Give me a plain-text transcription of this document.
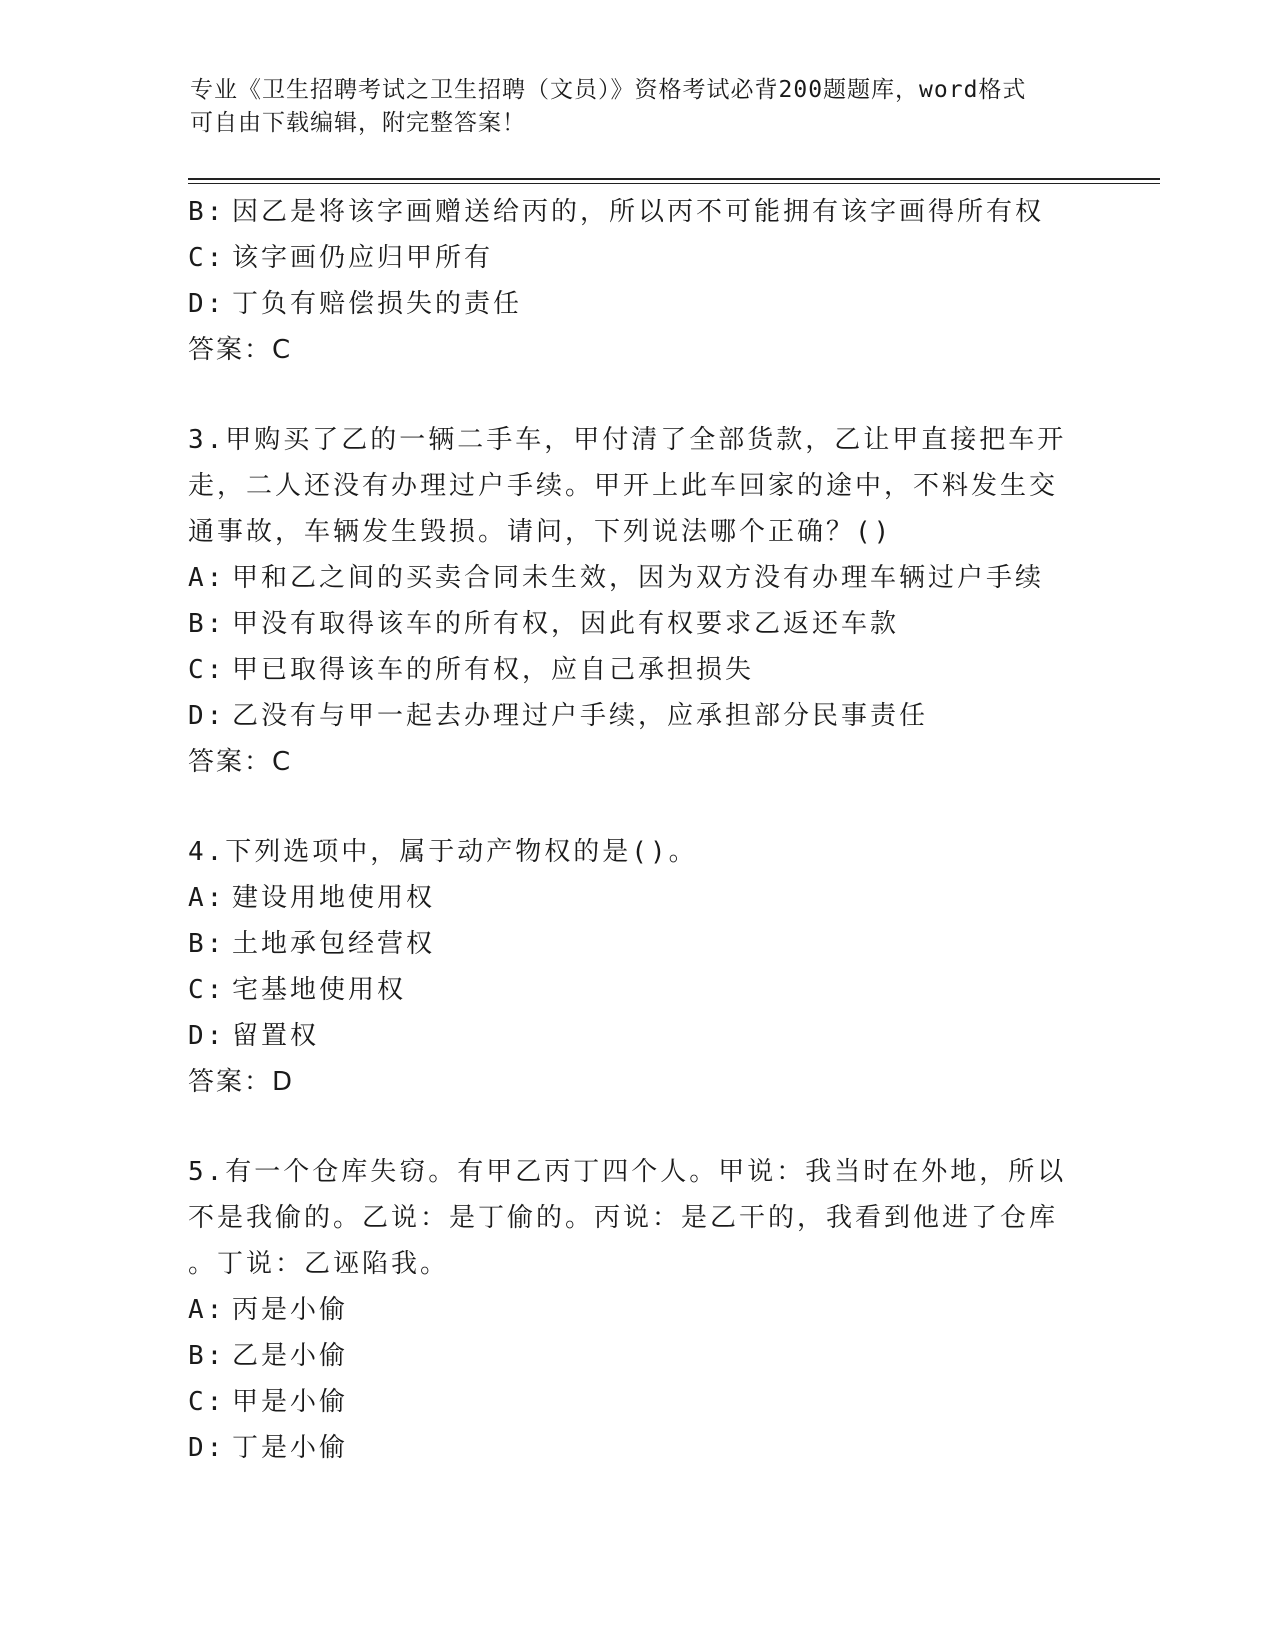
专业《卫生招聘考试之卫生招聘（文员）》资格考试必背200题题库，word格式
可自由下载编辑，附完整答案！
B: 因乙是将该字画赠送给丙的，所以丙不可能拥有该字画得所有权
C: 该字画仍应归甲所有
D: 丁负有赔偿损失的责任
答案：C
3.甲购买了乙的一辆二手车，甲付清了全部货款，乙让甲直接把车开
走，二人还没有办理过户手续。甲开上此车回家的途中，不料发生交
通事故，车辆发生毁损。请问，下列说法哪个正确？()
A: 甲和乙之间的买卖合同未生效，因为双方没有办理车辆过户手续
B: 甲没有取得该车的所有权，因此有权要求乙返还车款
C: 甲已取得该车的所有权，应自己承担损失
D: 乙没有与甲一起去办理过户手续，应承担部分民事责任
答案：C
4.下列选项中，属于动产物权的是()。
A: 建设用地使用权
B: 土地承包经营权
C: 宅基地使用权
D: 留置权
答案：D
5.有一个仓库失窃。有甲乙丙丁四个人。甲说：我当时在外地，所以
不是我偷的。乙说：是丁偷的。丙说：是乙干的，我看到他进了仓库
。丁说：乙诬陷我。
A: 丙是小偷
B: 乙是小偷
C: 甲是小偷
D: 丁是小偷
